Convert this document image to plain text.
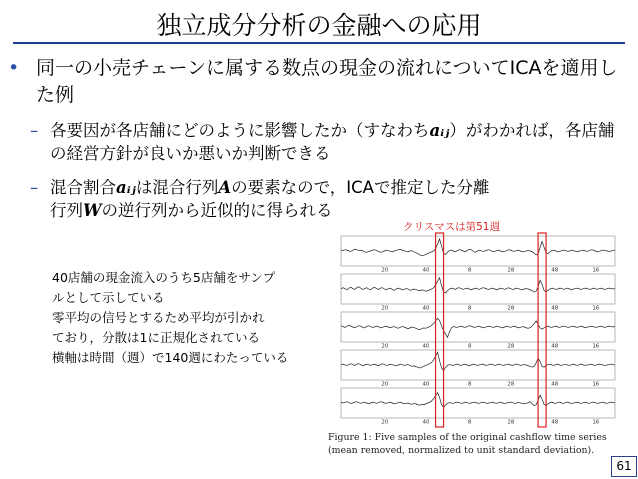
独立成分分析の金融への応用
• 同一の小売チェーンに属する数点の現金の流れについてICAを適用した例
– 各要因が各店舗にどのように影響したか（すなわちaᵢⱼ）がわかれば，各店舗の経営方針が良いか悪いか判断できる
– 混合割合aᵢⱼは混合行列Aの要素なので，ICAで推定した分離
行列Wの逆行列から近似的に得られる
クリスマスは第51週
40店舗の現金流入のうち5店舗をサンプ
ルとして示している
零平均の信号とするため平均が引かれ
ており，分散は1に正規化されている
横軸は時間（週）で140週にわたっている
20	40	8	28	48	16
20	40	8	28	48	16
20	40	8	28	48	16
20	40	8	28	48	16
20	40	8	28	48	16
Figure 1: Five samples of the original cashflow time series
(mean removed, normalized to unit standard deviation).
61
